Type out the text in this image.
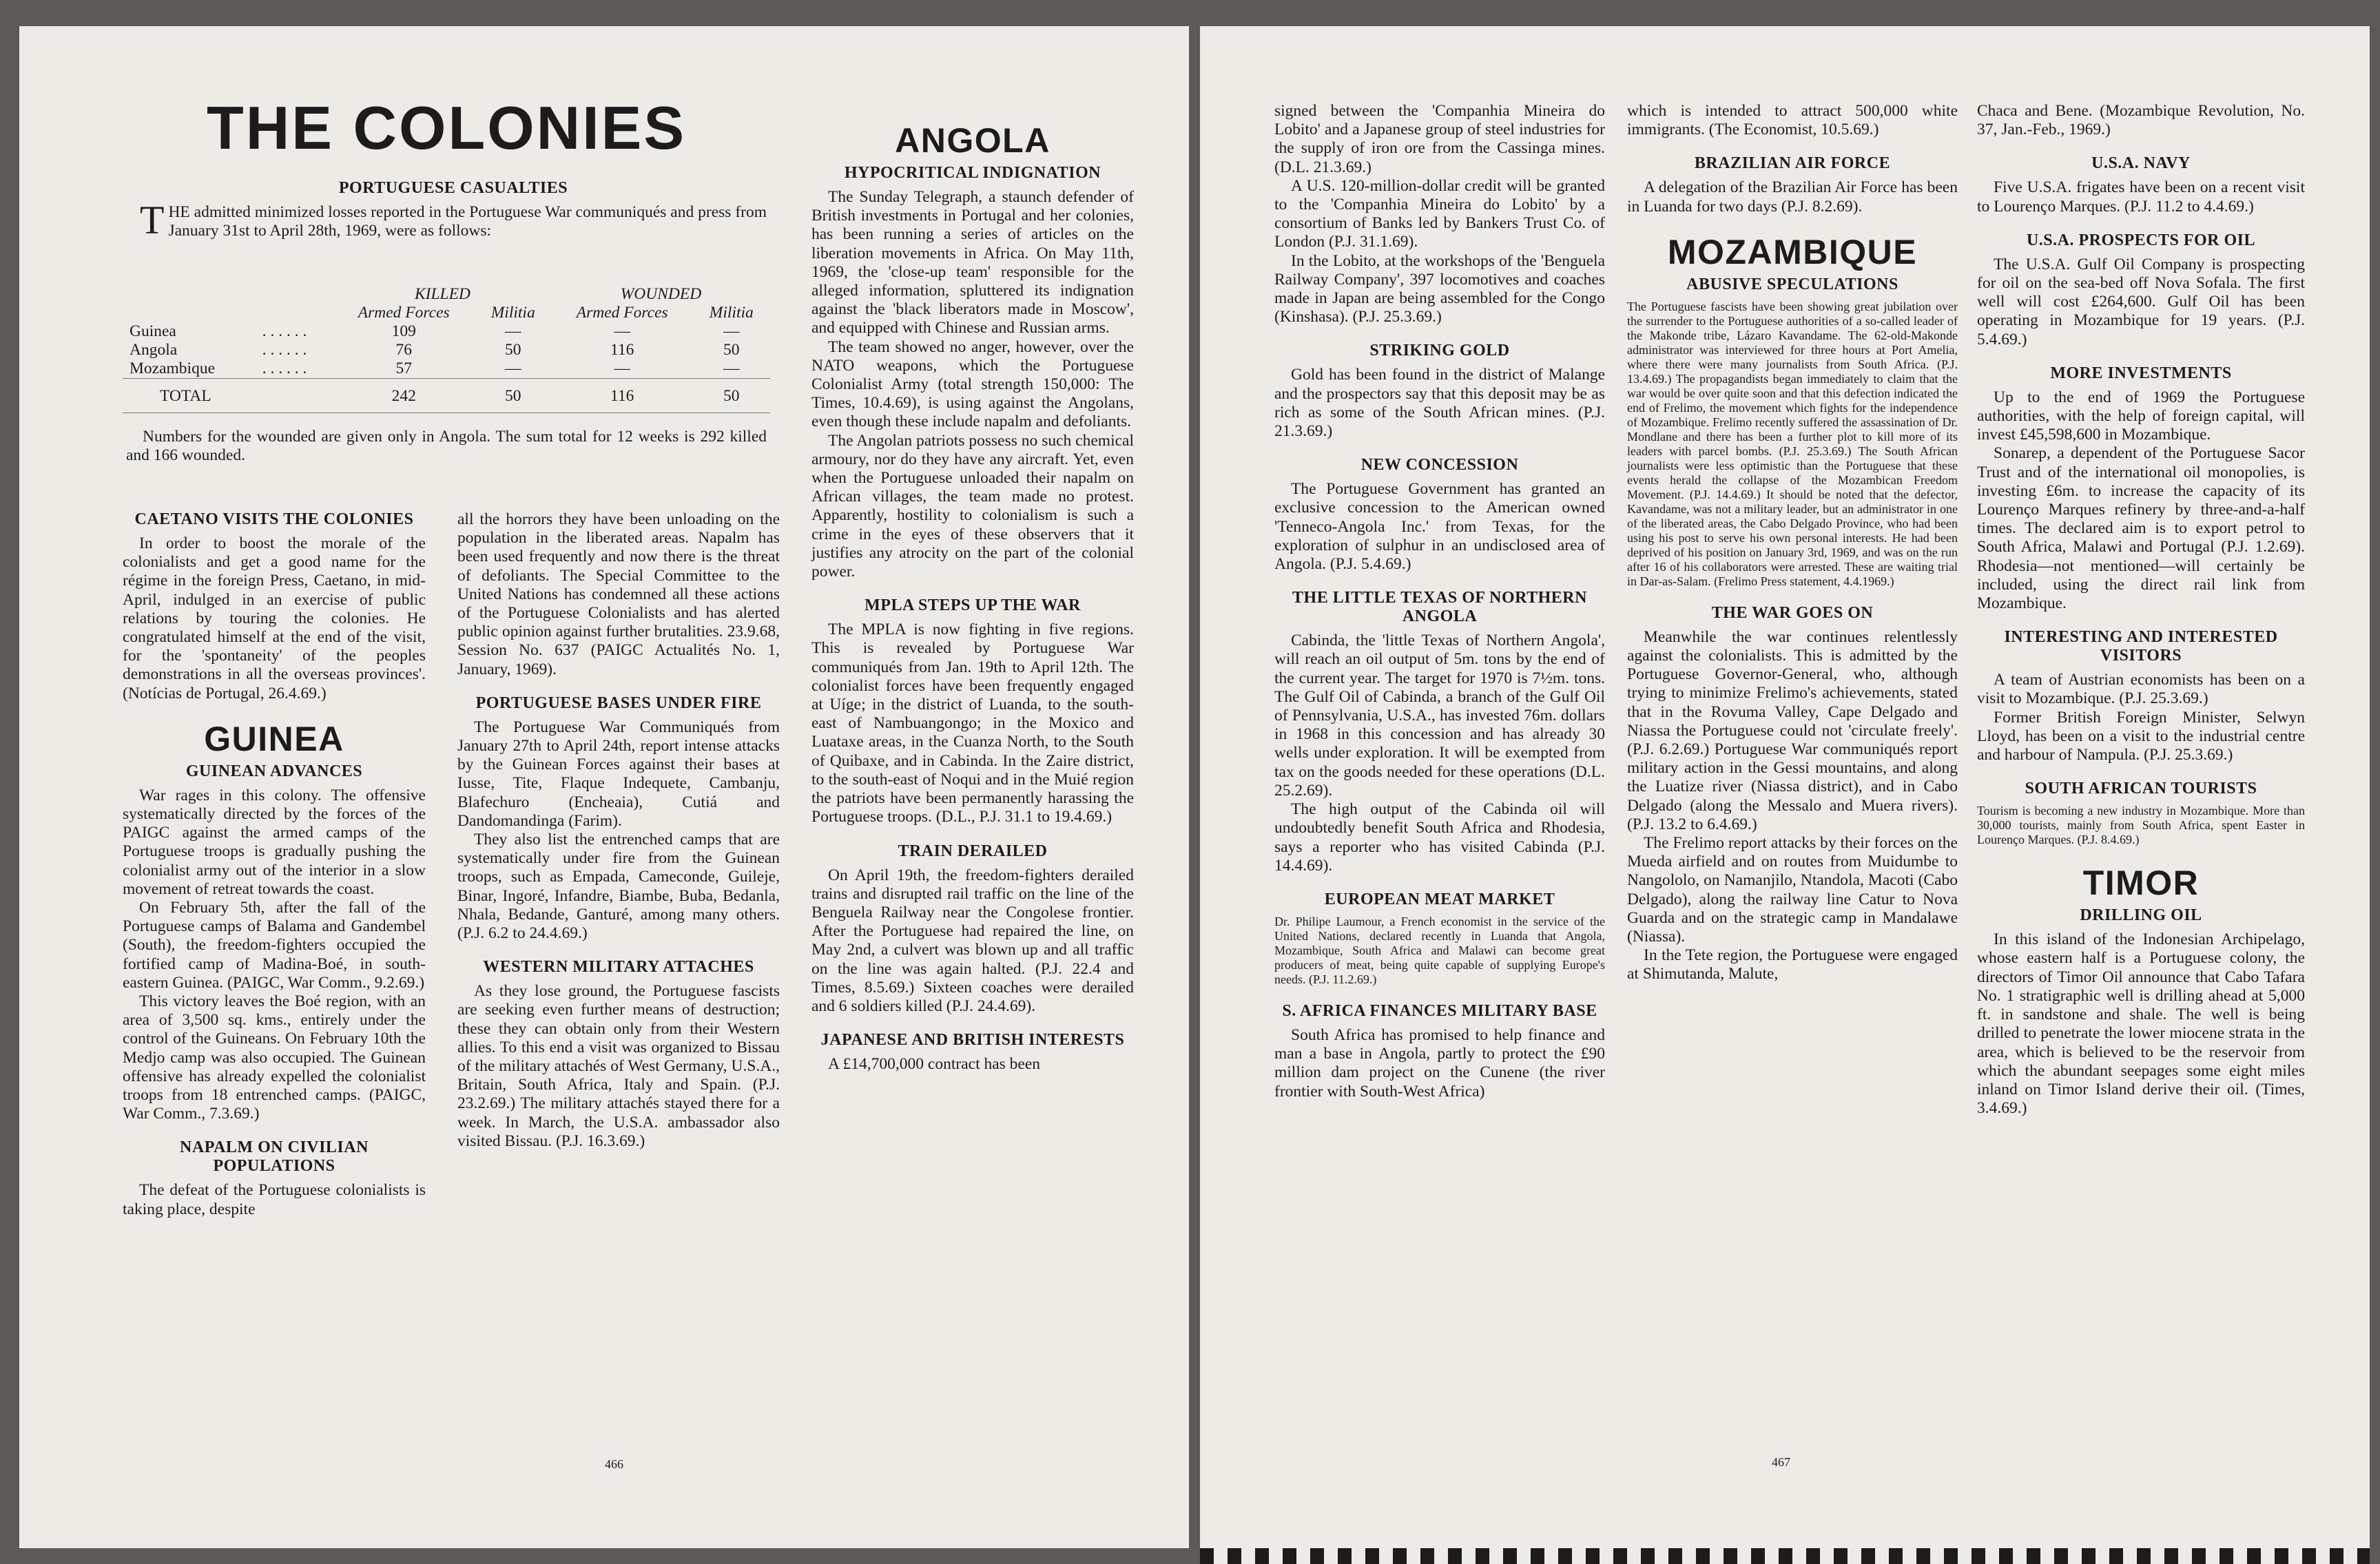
THE COLONIES
PORTUGUESE CASUALTIES

THE admitted minimized losses reported in the Portuguese War communiqués and press from January 31st to April 28th, 1969, were as follows:

		KILLED		WOUNDED	
		Armed Forces	Militia	Armed Forces	Militia
Guinea	. . . . . .	109	—	—	—
Angola	. . . . . .	76	50	116	50
Mozambique	. . . . . .	57	—	—	—
TOTAL		242	50	116	50

Numbers for the wounded are given only in Angola. The sum total for 12 weeks is 292 killed and 166 wounded.

CAETANO VISITS THE COLONIES

In order to boost the morale of the colonialists and get a good name for the régime in the foreign Press, Caetano, in mid-April, indulged in an exercise of public relations by touring the colonies. He congratulated himself at the end of the visit, for the 'spontaneity' of the peoples demonstrations in all the overseas provinces'. (Notícias de Portugal, 26.4.69.)

GUINEA
GUINEAN ADVANCES

War rages in this colony. The offensive systematically directed by the forces of the PAIGC against the armed camps of the Portuguese troops is gradually pushing the colonialist army out of the interior in a slow movement of retreat towards the coast.

On February 5th, after the fall of the Portuguese camps of Balama and Gandembel (South), the freedom-fighters occupied the fortified camp of Madina-Boé, in south-eastern Guinea. (PAIGC, War Comm., 9.2.69.)

This victory leaves the Boé region, with an area of 3,500 sq. kms., entirely under the control of the Guineans. On February 10th the Medjo camp was also occupied. The Guinean offensive has already expelled the colonialist troops from 18 entrenched camps. (PAIGC, War Comm., 7.3.69.)

NAPALM ON CIVILIAN POPULATIONS

The defeat of the Portuguese colonialists is taking place, despite

all the horrors they have been unloading on the population in the liberated areas. Napalm has been used frequently and now there is the threat of defoliants. The Special Committee to the United Nations has condemned all these actions of the Portuguese Colonialists and has alerted public opinion against further brutalities. 23.9.68, Session No. 637 (PAIGC Actualités No. 1, January, 1969).

PORTUGUESE BASES UNDER FIRE

The Portuguese War Communiqués from January 27th to April 24th, report intense attacks by the Guinean Forces against their bases at Iusse, Tite, Flaque Indequete, Cambanju, Blafechuro (Encheaia), Cutiá and Dandomandinga (Farim).

They also list the entrenched camps that are systematically under fire from the Guinean troops, such as Empada, Cameconde, Guileje, Binar, Ingoré, Infandre, Biambe, Buba, Bedanla, Nhala, Bedande, Ganturé, among many others. (P.J. 6.2 to 24.4.69.)

WESTERN MILITARY ATTACHES

As they lose ground, the Portuguese fascists are seeking even further means of destruction; these they can obtain only from their Western allies. To this end a visit was organized to Bissau of the military attachés of West Germany, U.S.A., Britain, South Africa, Italy and Spain. (P.J. 23.2.69.) The military attachés stayed there for a week. In March, the U.S.A. ambassador also visited Bissau. (P.J. 16.3.69.)

ANGOLA
HYPOCRITICAL INDIGNATION

The Sunday Telegraph, a staunch defender of British investments in Portugal and her colonies, has been running a series of articles on the liberation movements in Africa. On May 11th, 1969, the 'close-up team' responsible for the alleged information, spluttered its indignation against the 'black liberators made in Moscow', and equipped with Chinese and Russian arms.

The team showed no anger, however, over the NATO weapons, which the Portuguese Colonialist Army (total strength 150,000: The Times, 10.4.69), is using against the Angolans, even though these include napalm and defoliants.

The Angolan patriots possess no such chemical armoury, nor do they have any aircraft. Yet, even when the Portuguese unloaded their napalm on African villages, the team made no protest. Apparently, hostility to colonialism is such a crime in the eyes of these observers that it justifies any atrocity on the part of the colonial power.

MPLA STEPS UP THE WAR

The MPLA is now fighting in five regions. This is revealed by Portuguese War communiqués from Jan. 19th to April 12th. The colonialist forces have been frequently engaged at Uíge; in the district of Luanda, to the south-east of Nambuangongo; in the Moxico and Luataxe areas, in the Cuanza North, to the South of Quibaxe, and in Cabinda. In the Zaire district, to the south-east of Noqui and in the Muié region the patriots have been permanently harassing the Portuguese troops. (D.L., P.J. 31.1 to 19.4.69.)

TRAIN DERAILED

On April 19th, the freedom-fighters derailed trains and disrupted rail traffic on the line of the Benguela Railway near the Congolese frontier. After the Portuguese had repaired the line, on May 2nd, a culvert was blown up and all traffic on the line was again halted. (P.J. 22.4 and Times, 8.5.69.) Sixteen coaches were derailed and 6 soldiers killed (P.J. 24.4.69).

JAPANESE AND BRITISH INTERESTS

A £14,700,000 contract has been

466

signed between the 'Companhia Mineira do Lobito' and a Japanese group of steel industries for the supply of iron ore from the Cassinga mines. (D.L. 21.3.69.)

A U.S. 120-million-dollar credit will be granted to the 'Companhia Mineira do Lobito' by a consortium of Banks led by Bankers Trust Co. of London (P.J. 31.1.69).

In the Lobito, at the workshops of the 'Benguela Railway Company', 397 locomotives and coaches made in Japan are being assembled for the Congo (Kinshasa). (P.J. 25.3.69.)

STRIKING GOLD

Gold has been found in the district of Malange and the prospectors say that this deposit may be as rich as some of the South African mines. (P.J. 21.3.69.)

NEW CONCESSION

The Portuguese Government has granted an exclusive concession to the American owned 'Tenneco-Angola Inc.' from Texas, for the exploration of sulphur in an undisclosed area of Angola. (P.J. 5.4.69.)

THE LITTLE TEXAS OF NORTHERN ANGOLA

Cabinda, the 'little Texas of Northern Angola', will reach an oil output of 5m. tons by the end of the current year. The target for 1970 is 7½m. tons. The Gulf Oil of Cabinda, a branch of the Gulf Oil of Pennsylvania, U.S.A., has invested 76m. dollars in 1968 in this concession and has already 30 wells under exploration. It will be exempted from tax on the goods needed for these operations (D.L. 25.2.69).

The high output of the Cabinda oil will undoubtedly benefit South Africa and Rhodesia, says a reporter who has visited Cabinda (P.J. 14.4.69).

EUROPEAN MEAT MARKET

Dr. Philipe Laumour, a French economist in the service of the United Nations, declared recently in Luanda that Angola, Mozambique, South Africa and Malawi can become great producers of meat, being quite capable of supplying Europe's needs. (P.J. 11.2.69.)

S. AFRICA FINANCES MILITARY BASE

South Africa has promised to help finance and man a base in Angola, partly to protect the £90 million dam project on the Cunene (the river frontier with South-West Africa)

which is intended to attract 500,000 white immigrants. (The Economist, 10.5.69.)

BRAZILIAN AIR FORCE

A delegation of the Brazilian Air Force has been in Luanda for two days (P.J. 8.2.69).

MOZAMBIQUE
ABUSIVE SPECULATIONS

The Portuguese fascists have been showing great jubilation over the surrender to the Portuguese authorities of a so-called leader of the Makonde tribe, Lázaro Kavandame. The 62-old-Makonde administrator was interviewed for three hours at Port Amelia, where there were many journalists from South Africa. (P.J. 13.4.69.) The propagandists began immediately to claim that the war would be over quite soon and that this defection indicated the end of Frelimo, the movement which fights for the independence of Mozambique. Frelimo recently suffered the assassination of Dr. Mondlane and there has been a further plot to kill more of its leaders with parcel bombs. (P.J. 25.3.69.) The South African journalists were less optimistic than the Portuguese that these events herald the collapse of the Mozambican Freedom Movement. (P.J. 14.4.69.) It should be noted that the defector, Kavandame, was not a military leader, but an administrator in one of the liberated areas, the Cabo Delgado Province, who had been using his post to serve his own personal interests. He had been deprived of his position on January 3rd, 1969, and was on the run after 16 of his collaborators were arrested. These are waiting trial in Dar-as-Salam. (Frelimo Press statement, 4.4.1969.)

THE WAR GOES ON

Meanwhile the war continues relentlessly against the colonialists. This is admitted by the Portuguese Governor-General, who, although trying to minimize Frelimo's achievements, stated that in the Rovuma Valley, Cape Delgado and Niassa the Portuguese could not 'circulate freely'. (P.J. 6.2.69.) Portuguese War communiqués report military action in the Gessi mountains, and along the Luatize river (Niassa district), and in Cabo Delgado (along the Messalo and Muera rivers). (P.J. 13.2 to 6.4.69.)

The Frelimo report attacks by their forces on the Mueda airfield and on routes from Muidumbe to Nangololo, on Namanjilo, Ntandola, Macoti (Cabo Delgado), along the railway line Catur to Nova Guarda and on the strategic camp in Mandalawe (Niassa).

In the Tete region, the Portuguese were engaged at Shimutanda, Malute,

Chaca and Bene. (Mozambique Revolution, No. 37, Jan.-Feb., 1969.)

U.S.A. NAVY

Five U.S.A. frigates have been on a recent visit to Lourenço Marques. (P.J. 11.2 to 4.4.69.)

U.S.A. PROSPECTS FOR OIL

The U.S.A. Gulf Oil Company is prospecting for oil on the sea-bed off Nova Sofala. The first well will cost £264,600. Gulf Oil has been operating in Mozambique for 19 years. (P.J. 5.4.69.)

MORE INVESTMENTS

Up to the end of 1969 the Portuguese authorities, with the help of foreign capital, will invest £45,598,600 in Mozambique.

Sonarep, a dependent of the Portuguese Sacor Trust and of the international oil monopolies, is investing £6m. to increase the capacity of its Lourenço Marques refinery by three-and-a-half times. The declared aim is to export petrol to South Africa, Malawi and Portugal (P.J. 1.2.69). Rhodesia—not mentioned—will certainly be included, using the direct rail link from Mozambique.

INTERESTING AND INTERESTED VISITORS

A team of Austrian economists has been on a visit to Mozambique. (P.J. 25.3.69.)

Former British Foreign Minister, Selwyn Lloyd, has been on a visit to the industrial centre and harbour of Nampula. (P.J. 25.3.69.)

SOUTH AFRICAN TOURISTS

Tourism is becoming a new industry in Mozambique. More than 30,000 tourists, mainly from South Africa, spent Easter in Lourenço Marques. (P.J. 8.4.69.)

TIMOR
DRILLING OIL

In this island of the Indonesian Archipelago, whose eastern half is a Portuguese colony, the directors of Timor Oil announce that Cabo Tafara No. 1 stratigraphic well is drilling ahead at 5,000 ft. in sandstone and shale. The well is being drilled to penetrate the lower miocene strata in the area, which is believed to be the reservoir from which the abundant seepages some eight miles inland on Timor Island derive their oil. (Times, 3.4.69.)

467
